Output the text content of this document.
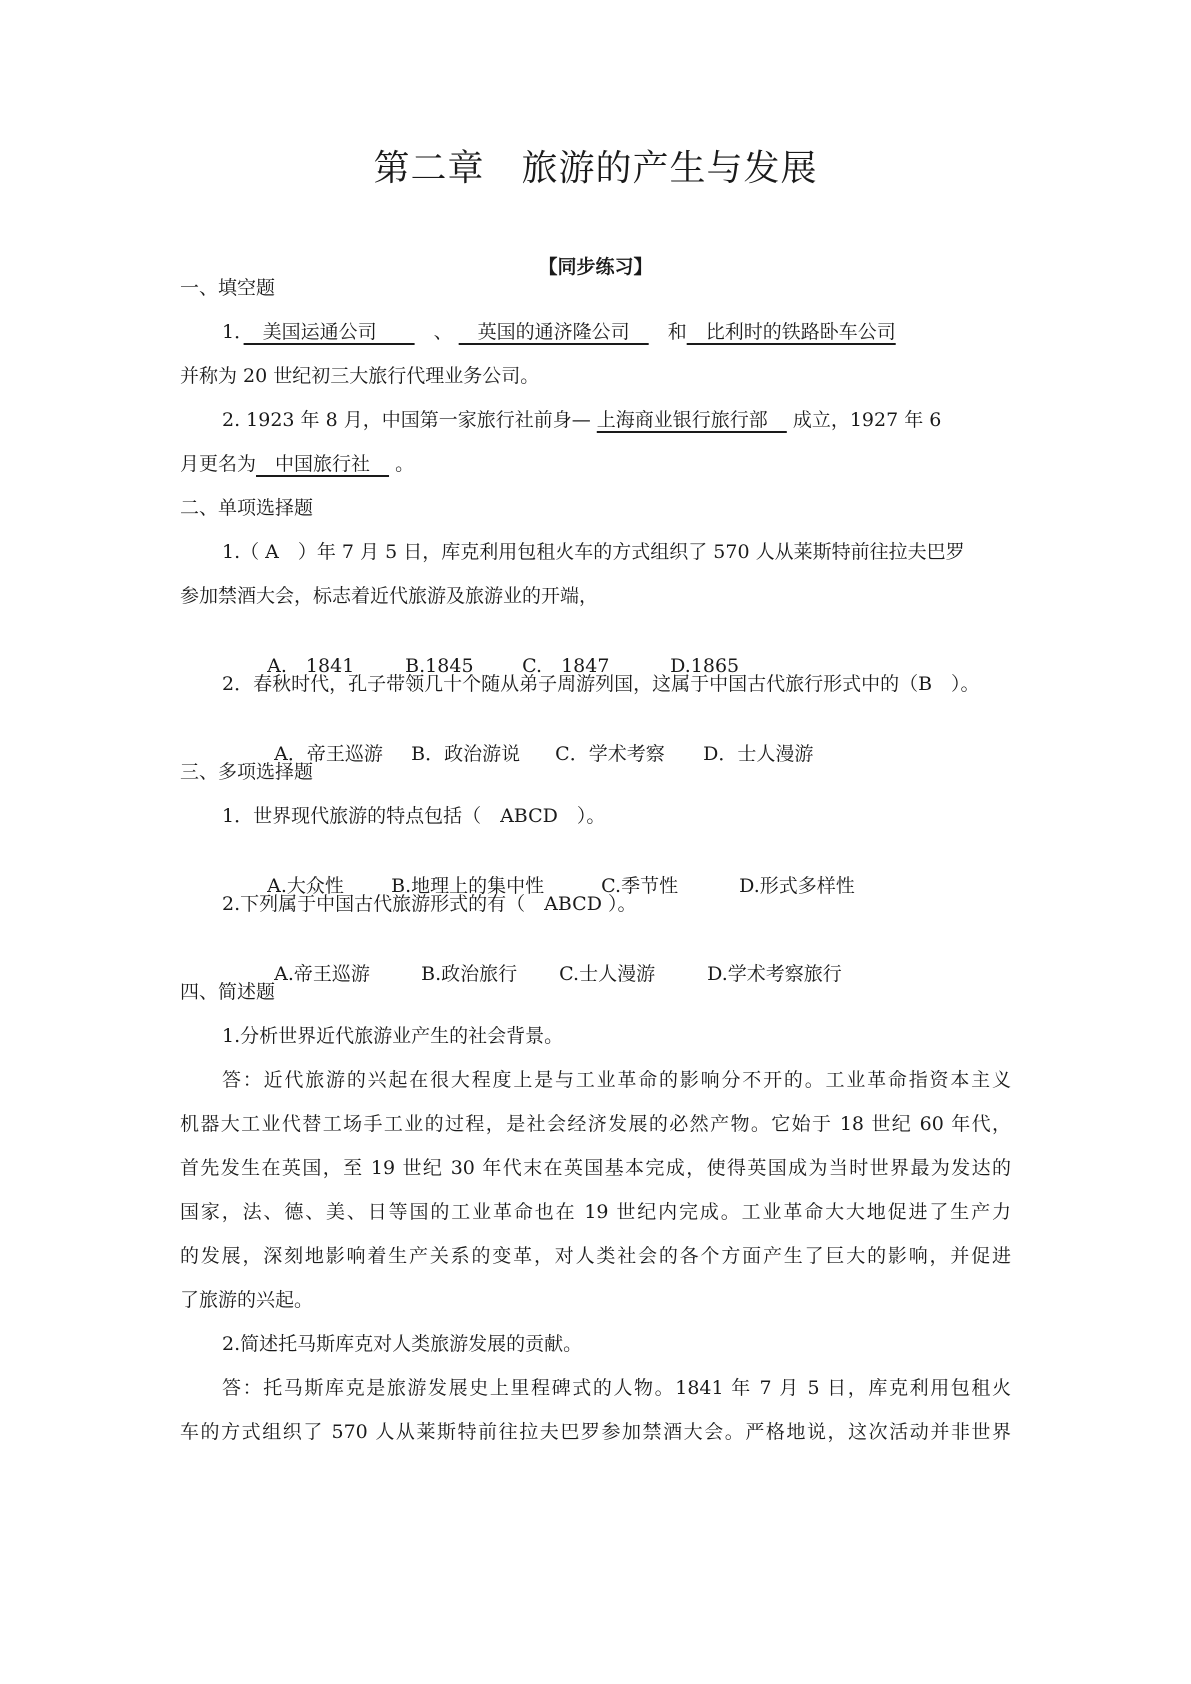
第二章　旅游的产生与发展
【同步练习】
一、填空题
1．　美国运通公司　　　、 　英国的通济隆公司　　和　比利时的铁路卧车公司
并称为 20 世纪初三大旅行代理业务公司。
2. 1923 年 8 月，中国第一家旅行社前身— 上海商业银行旅行部　 成立，1927 年 6
月更名为　中国旅行社　 。
二、单项选择题
1.（ A　）年 7 月 5 日，库克利用包租火车的方式组织了 570 人从莱斯特前往拉夫巴罗
参加禁酒大会，标志着近代旅游及旅游业的开端，

A.　1841	B.1845	C.　1847	D.1865

2．春秋时代，孔子带领几十个随从弟子周游列国，这属于中国古代旅行形式中的（B　）。

A．帝王巡游 B．政治游说 C．学术考察 D．士人漫游

三、多项选择题
1．世界现代旅游的特点包括（　ABCD　）。

A.大众性 B.地理上的集中性	C.季节性	D.形式多样性

2.下列属于中国古代旅游形式的有（　ABCD ）。

A.帝王巡游	B.政治旅行 C.士人漫游	D.学术考察旅行

四、简述题
1.分析世界近代旅游业产生的社会背景。
答：近代旅游的兴起在很大程度上是与工业革命的影响分不开的。工业革命指资本主义
机器大工业代替工场手工业的过程，是社会经济发展的必然产物。它始于 18 世纪 60 年代，
首先发生在英国，至 19 世纪 30 年代末在英国基本完成，使得英国成为当时世界最为发达的
国家，法、德、美、日等国的工业革命也在 19 世纪内完成。工业革命大大地促进了生产力
的发展，深刻地影响着生产关系的变革，对人类社会的各个方面产生了巨大的影响，并促进
了旅游的兴起。
2.简述托马斯库克对人类旅游发展的贡献。
答：托马斯库克是旅游发展史上里程碑式的人物。1841 年 7 月 5 日，库克利用包租火
车的方式组织了 570 人从莱斯特前往拉夫巴罗参加禁酒大会。严格地说，这次活动并非世界
